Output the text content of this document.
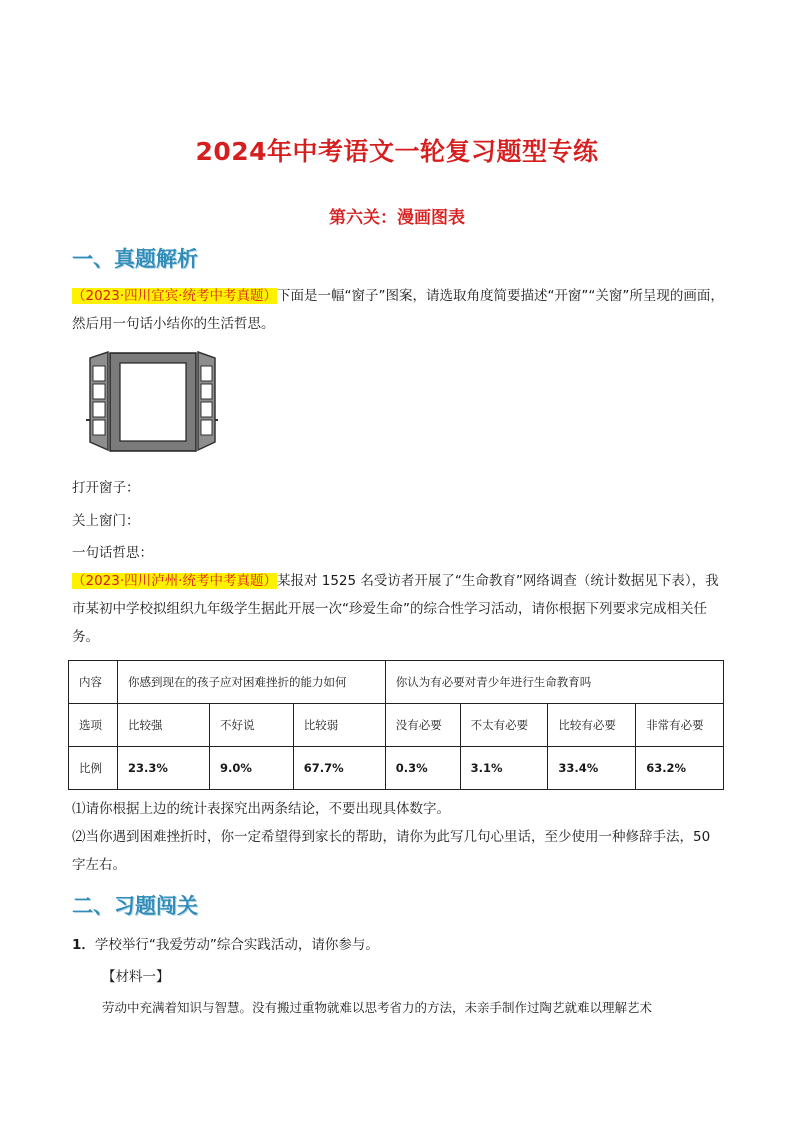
2024年中考语文一轮复习题型专练
第六关：漫画图表
一、真题解析
（2023·四川宜宾·统考中考真题）下面是一幅“窗子”图案，请选取角度简要描述“开窗”“关窗”所呈现的画面，
然后用一句话小结你的生活哲思。
打开窗子：
关上窗门：
一句话哲思：
（2023·四川泸州·统考中考真题）某报对 1525 名受访者开展了“生命教育”网络调查（统计数据见下表），我
市某初中学校拟组织九年级学生据此开展一次“珍爱生命”的综合性学习活动，请你根据下列要求完成相关任
务。
内容	你感到现在的孩子应对困难挫折的能力如何			你认为有必要对青少年进行生命教育吗			
选项	比较强	不好说	比较弱	没有必要	不太有必要	比较有必要	非常有必要
比例	23.3%	9.0%	67.7%	0.3%	3.1%	33.4%	63.2%
⑴请你根据上边的统计表探究出两条结论，不要出现具体数字。
⑵当你遇到困难挫折时，你一定希望得到家长的帮助，请你为此写几句心里话，至少使用一种修辞手法，50
字左右。
二、习题闯关
1．学校举行“我爱劳动”综合实践活动，请你参与。
【材料一】
劳动中充满着知识与智慧。没有搬过重物就难以思考省力的方法，未亲手制作过陶艺就难以理解艺术
